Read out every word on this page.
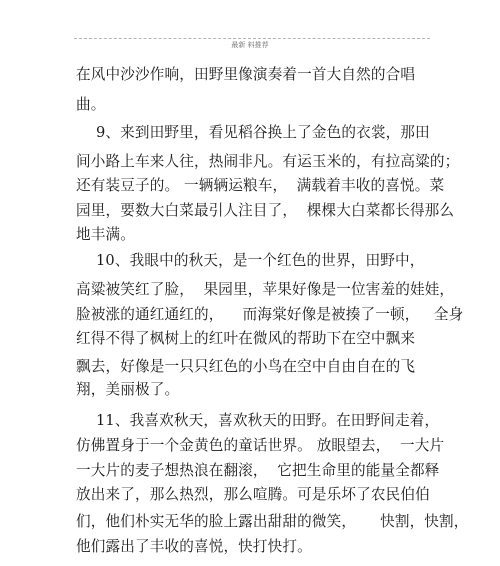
最新 料推荐
在风中沙沙作响，田野里像演奏着一首大自然的合唱
曲。
9、来到田野里，看见稻谷换上了金色的衣裳，那田
间小路上车来人往，热闹非凡。有运玉米的，有拉高粱的；
还有装豆子的。 一辆辆运粮车，  满载着丰收的喜悦。菜
园里，要数大白菜最引人注目了，  棵棵大白菜都长得那么
地丰满。
10、我眼中的秋天，是一个红色的世界，田野中，
高粱被笑红了脸，  果园里，苹果好像是一位害羞的娃娃，
脸被涨的通红通红的，    而海棠好像是被揍了一顿，   全身
红得不得了枫树上的红叶在微风的帮助下在空中飘来
飘去，好像是一只只红色的小鸟在空中自由自在的飞
翔，美丽极了。
11、我喜欢秋天，喜欢秋天的田野。在田野间走着，
仿佛置身于一个金黄色的童话世界。 放眼望去，  一大片
一大片的麦子想热浪在翻滚，  它把生命里的能量全都释
放出来了，那么热烈，那么喧腾。可是乐坏了农民伯伯
们，他们朴实无华的脸上露出甜甜的微笑，     快割，快割，
他们露出了丰收的喜悦，快打快打。
